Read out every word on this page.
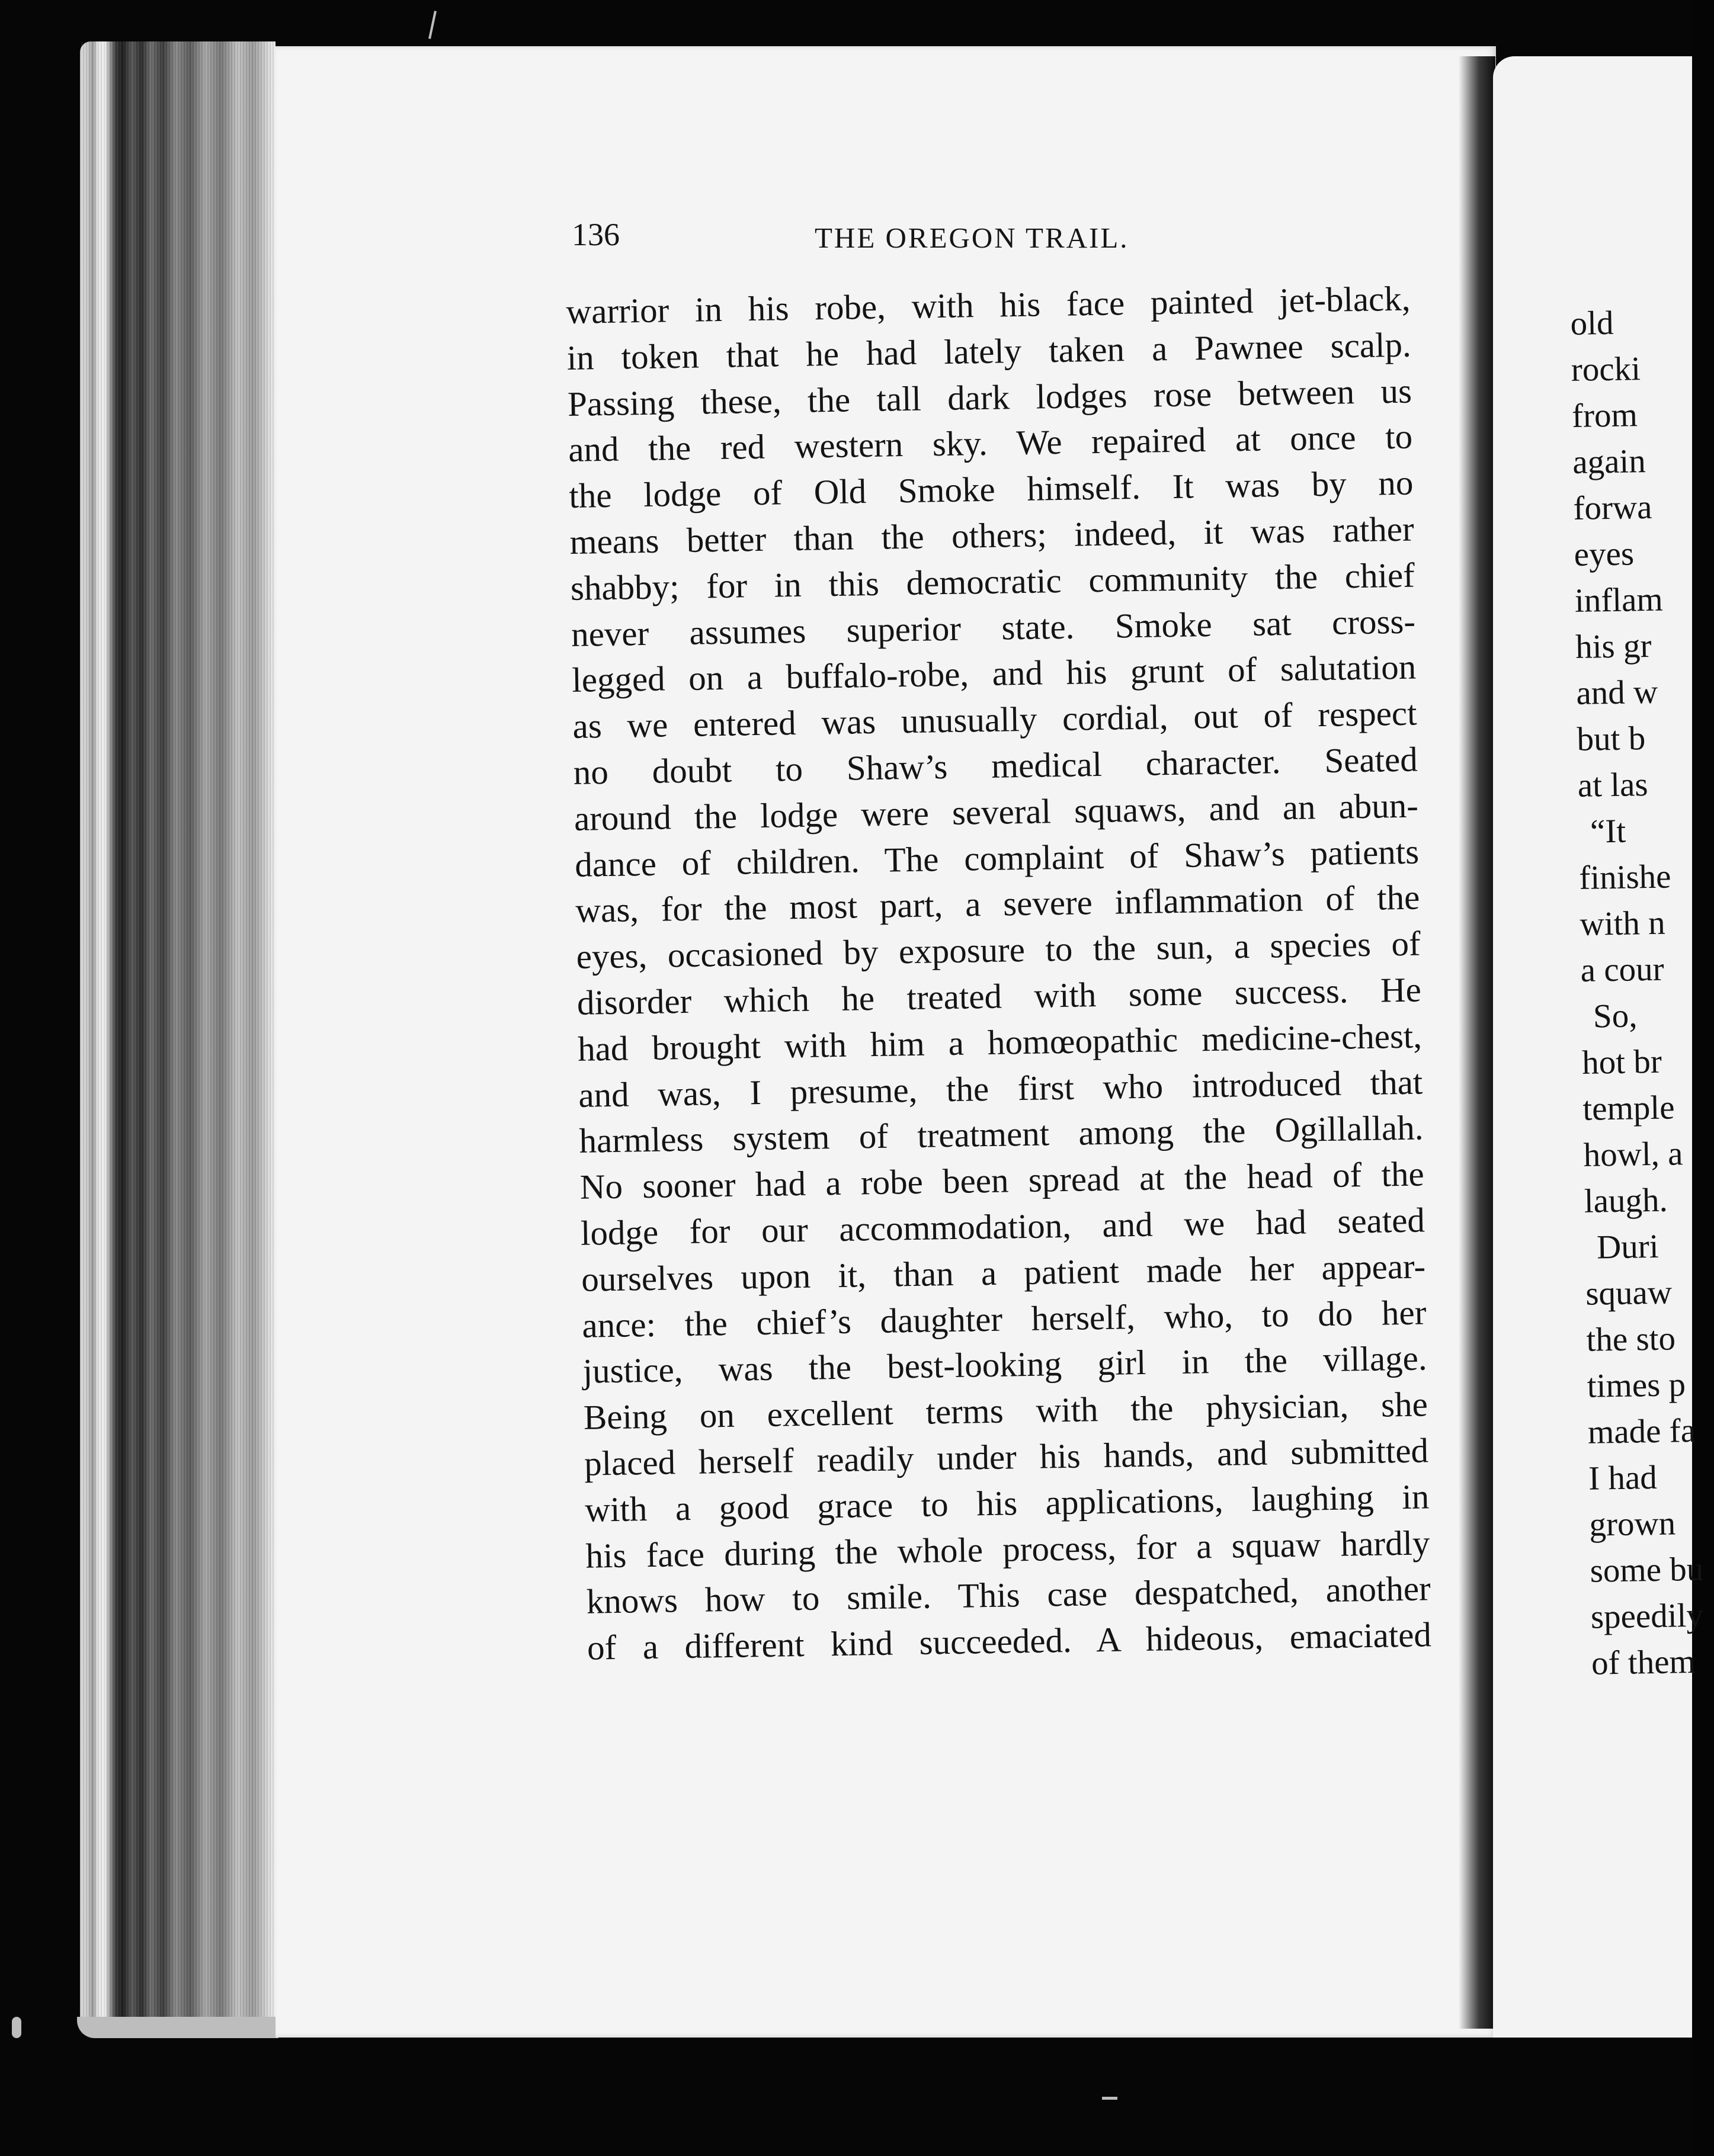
136	THE OREGON TRAIL.
warrior in his robe, with his face painted jet-black,
in token that he had lately taken a Pawnee scalp.
Passing these, the tall dark lodges rose between us
and the red western sky. We repaired at once to
the lodge of Old Smoke himself. It was by no
means better than the others; indeed, it was rather
shabby; for in this democratic community the chief
never assumes superior state. Smoke sat cross-
legged on a buffalo-robe, and his grunt of salutation
as we entered was unusually cordial, out of respect
no doubt to Shaw’s medical character. Seated
around the lodge were several squaws, and an abun-
dance of children. The complaint of Shaw’s patients
was, for the most part, a severe inflammation of the
eyes, occasioned by exposure to the sun, a species of
disorder which he treated with some success. He
had brought with him a homœopathic medicine-chest,
and was, I presume, the first who introduced that
harmless system of treatment among the Ogillallah.
No sooner had a robe been spread at the head of the
lodge for our accommodation, and we had seated
ourselves upon it, than a patient made her appear-
ance: the chief’s daughter herself, who, to do her
justice, was the best-looking girl in the village.
Being on excellent terms with the physician, she
placed herself readily under his hands, and submitted
with a good grace to his applications, laughing in
his face during the whole process, for a squaw hardly
knows how to smile. This case despatched, another
of a different kind succeeded. A hideous, emaciated
old
rocki
from
again
forwa
eyes
inflam
his gr
and w
but b
at las
“It
finishe
with n
a cour
So,
hot br
temple
howl, a
laugh.
Duri
squaw
the sto
times p
made fa
I had
grown
some bu
speedily
of them
